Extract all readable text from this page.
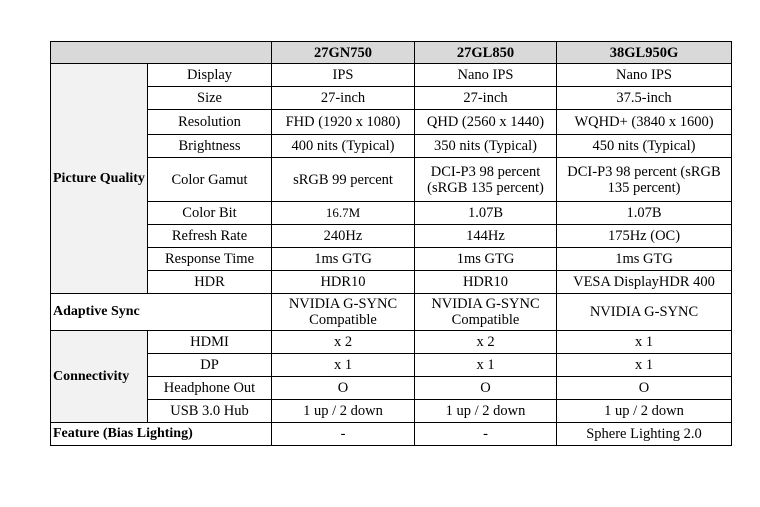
		27GN750	27GL850	38GL950G
Picture Quality	Display	IPS	Nano IPS	Nano IPS
	Size	27-inch	27-inch	37.5-inch
	Resolution	FHD (1920 x 1080)	QHD (2560 x 1440)	WQHD+ (3840 x 1600)
	Brightness	400 nits (Typical)	350 nits (Typical)	450 nits (Typical)
	Color Gamut	sRGB 99 percent	DCI-P3 98 percent (sRGB 135 percent)	DCI-P3 98 percent (sRGB 135 percent)
	Color Bit	16.7M	1.07B	1.07B
	Refresh Rate	240Hz	144Hz	175Hz (OC)
	Response Time	1ms GTG	1ms GTG	1ms GTG
	HDR	HDR10	HDR10	VESA DisplayHDR 400
Adaptive Sync		NVIDIA G-SYNC Compatible	NVIDIA G-SYNC Compatible	NVIDIA G-SYNC
Connectivity	HDMI	x 2	x 2	x 1
	DP	x 1	x 1	x 1
	Headphone Out	O	O	O
	USB 3.0 Hub	1 up / 2 down	1 up / 2 down	1 up / 2 down
Feature (Bias Lighting)		-	-	Sphere Lighting 2.0
